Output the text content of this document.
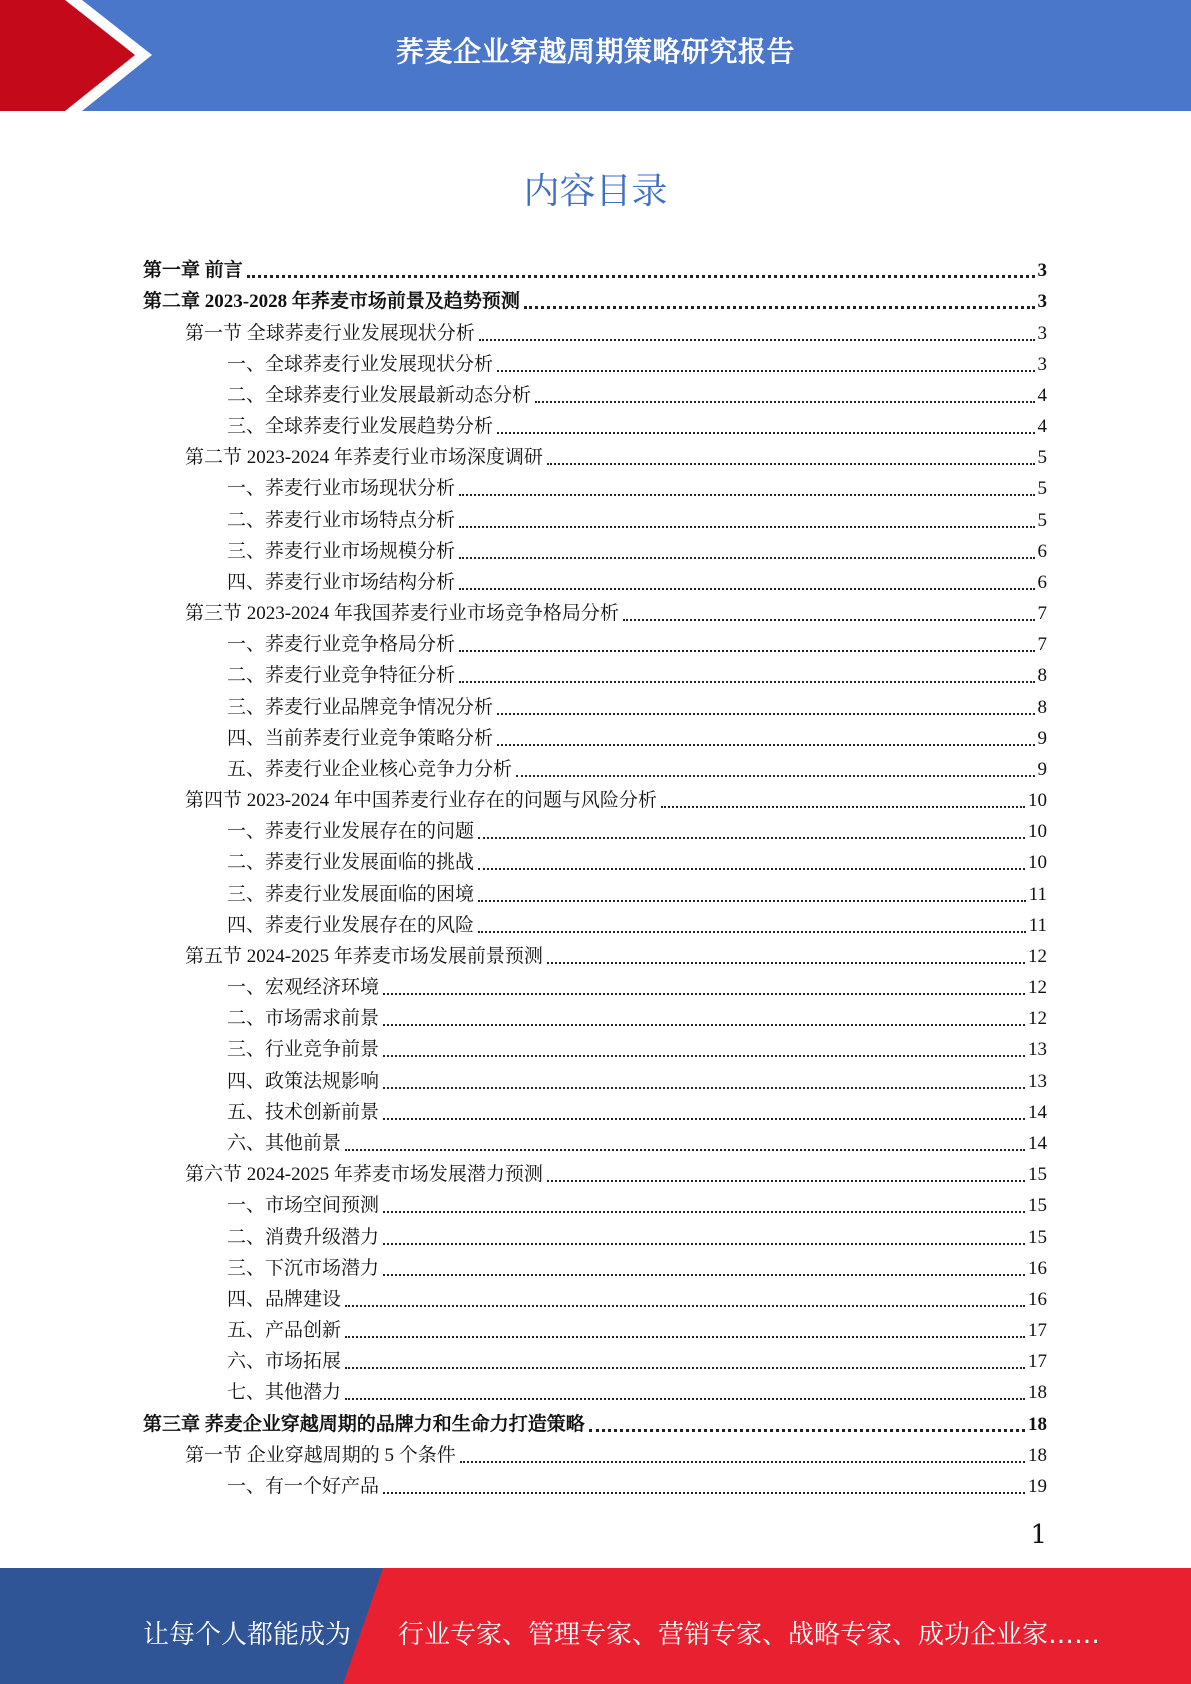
荞麦企业穿越周期策略研究报告
内容目录
第一章 前言	3
第二章 2023-2028 年荞麦市场前景及趋势预测	3
第一节 全球荞麦行业发展现状分析	3
一、全球荞麦行业发展现状分析	3
二、全球荞麦行业发展最新动态分析	4
三、全球荞麦行业发展趋势分析	4
第二节 2023-2024 年荞麦行业市场深度调研	5
一、荞麦行业市场现状分析	5
二、荞麦行业市场特点分析	5
三、荞麦行业市场规模分析	6
四、荞麦行业市场结构分析	6
第三节 2023-2024 年我国荞麦行业市场竞争格局分析	7
一、荞麦行业竞争格局分析	7
二、荞麦行业竞争特征分析	8
三、荞麦行业品牌竞争情况分析	8
四、当前荞麦行业竞争策略分析	9
五、荞麦行业企业核心竞争力分析	9
第四节 2023-2024 年中国荞麦行业存在的问题与风险分析	10
一、荞麦行业发展存在的问题	10
二、荞麦行业发展面临的挑战	10
三、荞麦行业发展面临的困境	11
四、荞麦行业发展存在的风险	11
第五节 2024-2025 年荞麦市场发展前景预测	12
一、宏观经济环境	12
二、市场需求前景	12
三、行业竞争前景	13
四、政策法规影响	13
五、技术创新前景	14
六、其他前景	14
第六节 2024-2025 年荞麦市场发展潜力预测	15
一、市场空间预测	15
二、消费升级潜力	15
三、下沉市场潜力	16
四、品牌建设	16
五、产品创新	17
六、市场拓展	17
七、其他潜力	18
第三章 荞麦企业穿越周期的品牌力和生命力打造策略	18
第一节 企业穿越周期的 5 个条件	18
一、有一个好产品	19
1
让每个人都能成为 行业专家、管理专家、营销专家、战略专家、成功企业家……
